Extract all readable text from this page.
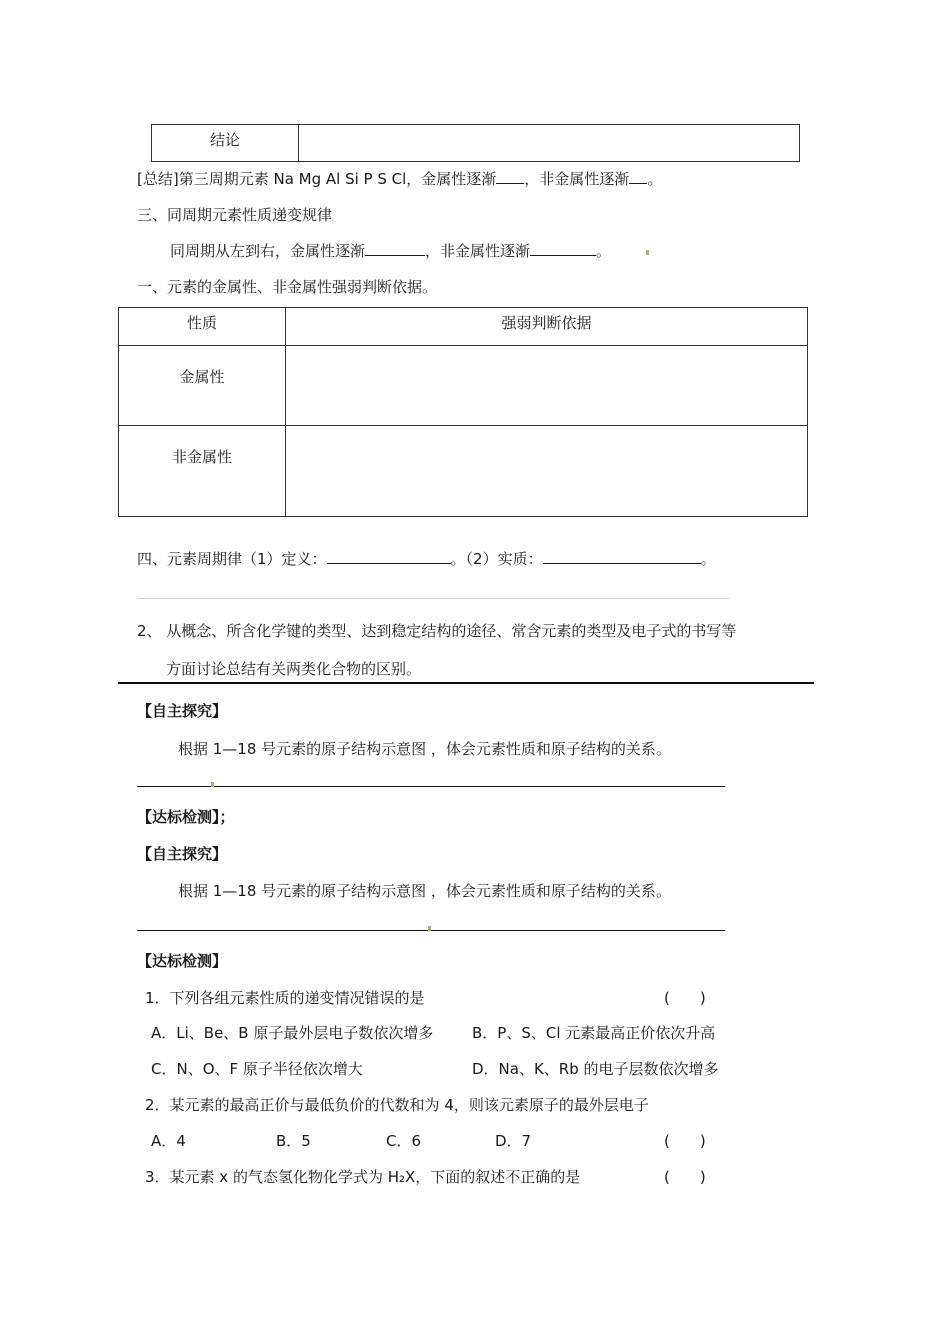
结论	
[总结]第三周期元素 Na Mg Al Si P S Cl，金属性逐渐 ，非金属性逐渐 。
三、同周期元素性质递变规律
同周期从左到右，金属性逐渐	，非金属性逐渐	。
一、元素的金属性、非金属性强弱判断依据。
性质	强弱判断依据
金属性	
非金属性	
四、元素周期律（1）定义：	。（2）实质：	。
2、 从概念、所含化学键的类型、达到稳定结构的途径、常含元素的类型及电子式的书写等
方面讨论总结有关两类化合物的区别。
【自主探究】
根据 1—18 号元素的原子结构示意图 ，体会元素性质和原子结构的关系。
【达标检测】；
【自主探究】
根据 1—18 号元素的原子结构示意图 ，体会元素性质和原子结构的关系。
【达标检测】
1．下列各组元素性质的递变情况错误的是	(　　)
A．Li、Be、B 原子最外层电子数依次增多	B．P、S、Cl 元素最高正价依次升高
C．N、O、F 原子半径依次增大	D．Na、K、Rb 的电子层数依次增多
2．某元素的最高正价与最低负价的代数和为 4，则该元素原子的最外层电子
A．4	B．5	C．6	D．7	(　　)
3．某元素 x 的气态氢化物化学式为 H₂X，下面的叙述不正确的是	(　　)
